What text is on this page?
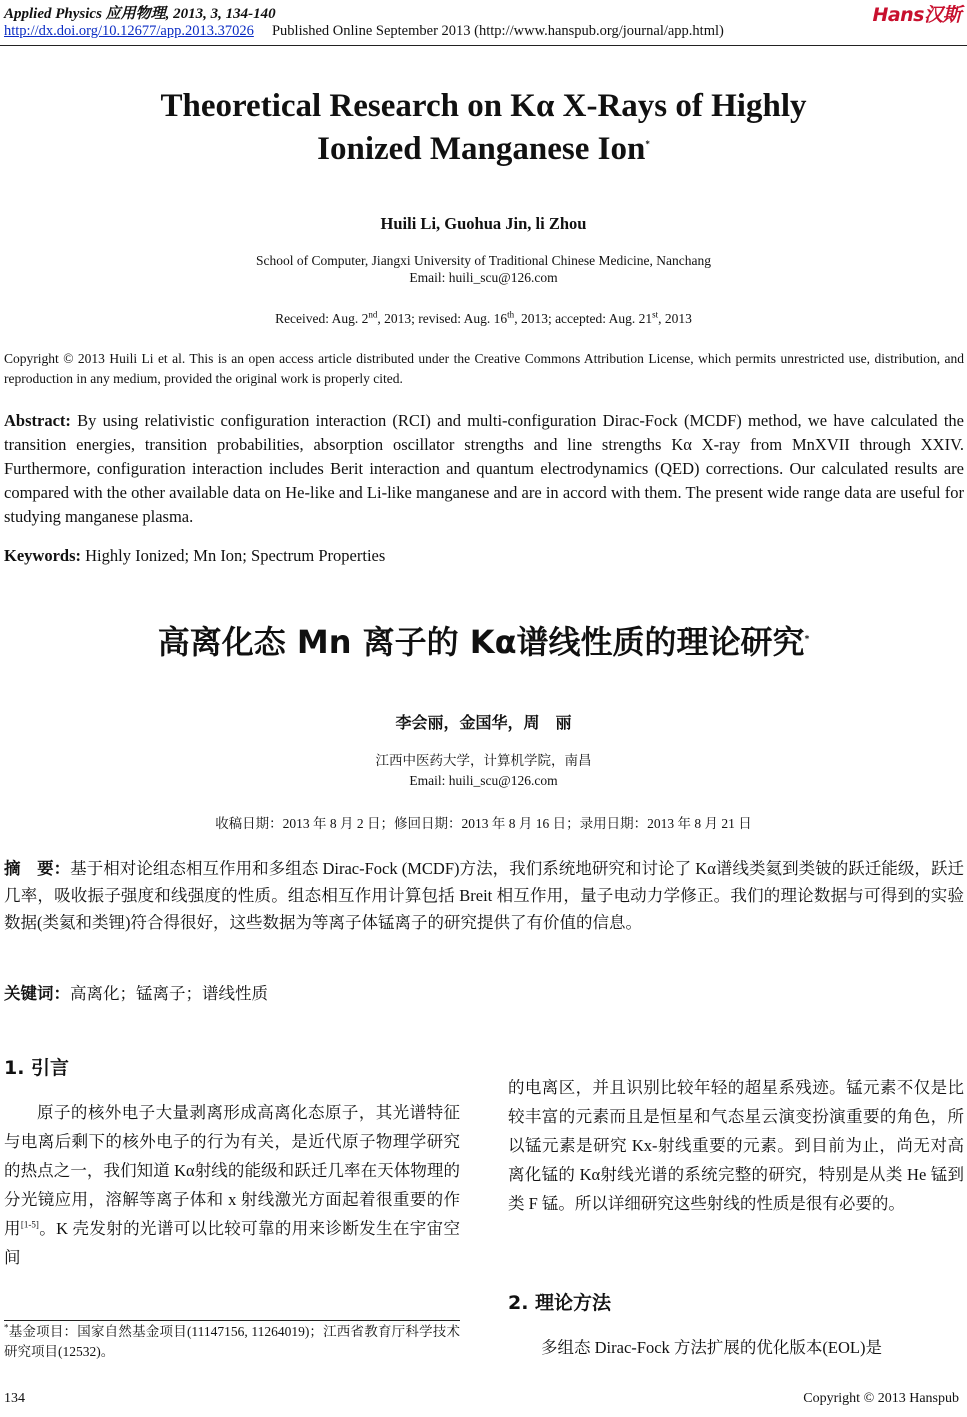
Applied Physics 应用物理, 2013, 3, 134-140	Hans汉斯
http://dx.doi.org/10.12677/app.2013.37026 Published Online September 2013 (http://www.hanspub.org/journal/app.html)
Theoretical Research on Kα X-Rays of Highly
Ionized Manganese Ion*
Huili Li, Guohua Jin, li Zhou
School of Computer, Jiangxi University of Traditional Chinese Medicine, Nanchang
Email: huili_scu@126.com
Received: Aug. 2nd, 2013; revised: Aug. 16th, 2013; accepted: Aug. 21st, 2013
Copyright © 2013 Huili Li et al. This is an open access article distributed under the Creative Commons Attribution License, which permits unrestricted use, distribution, and reproduction in any medium, provided the original work is properly cited.
Abstract: By using relativistic configuration interaction (RCI) and multi-configuration Dirac-Fock (MCDF) method, we have calculated the transition energies, transition probabilities, absorption oscillator strengths and line strengths Kα X-ray from MnXVII through XXIV. Furthermore, configuration interaction includes Berit interaction and quantum electrodynamics (QED) corrections. Our calculated results are compared with the other available data on He-like and Li-like manganese and are in accord with them. The present wide range data are useful for studying manganese plasma.
Keywords: Highly Ionized; Mn Ion; Spectrum Properties
高离化态 Mn 离子的 Kα谱线性质的理论研究*
李会丽，金国华，周　丽
江西中医药大学，计算机学院，南昌
Email: huili_scu@126.com
收稿日期：2013 年 8 月 2 日；修回日期：2013 年 8 月 16 日；录用日期：2013 年 8 月 21 日
摘　要：基于相对论组态相互作用和多组态 Dirac-Fock (MCDF)方法，我们系统地研究和讨论了 Kα谱线类氦到类铍的跃迁能级，跃迁几率，吸收振子强度和线强度的性质。组态相互作用计算包括 Breit 相互作用，量子电动力学修正。我们的理论数据与可得到的实验数据(类氦和类锂)符合得很好，这些数据为等离子体锰离子的研究提供了有价值的信息。
关键词：高离化；锰离子；谱线性质
1. 引言
原子的核外电子大量剥离形成高离化态原子，其光谱特征与电离后剩下的核外电子的行为有关，是近代原子物理学研究的热点之一，我们知道 Kα射线的能级和跃迁几率在天体物理的分光镜应用，溶解等离子体和 x 射线激光方面起着很重要的作用[1-5]。K 壳发射的光谱可以比较可靠的用来诊断发生在宇宙空间
的电离区，并且识别比较年轻的超星系残迹。锰元素不仅是比较丰富的元素而且是恒星和气态星云演变扮演重要的角色，所以锰元素是研究 Kx-射线重要的元素。到目前为止，尚无对高离化锰的 Kα射线光谱的系统完整的研究，特别是从类 He 锰到类 F 锰。所以详细研究这些射线的性质是很有必要的。
2. 理论方法
多组态 Dirac-Fock 方法扩展的优化版本(EOL)是
*基金项目：国家自然基金项目(11147156, 11264019)；江西省教育厅科学技术研究项目(12532)。
134	Copyright © 2013 Hanspub
